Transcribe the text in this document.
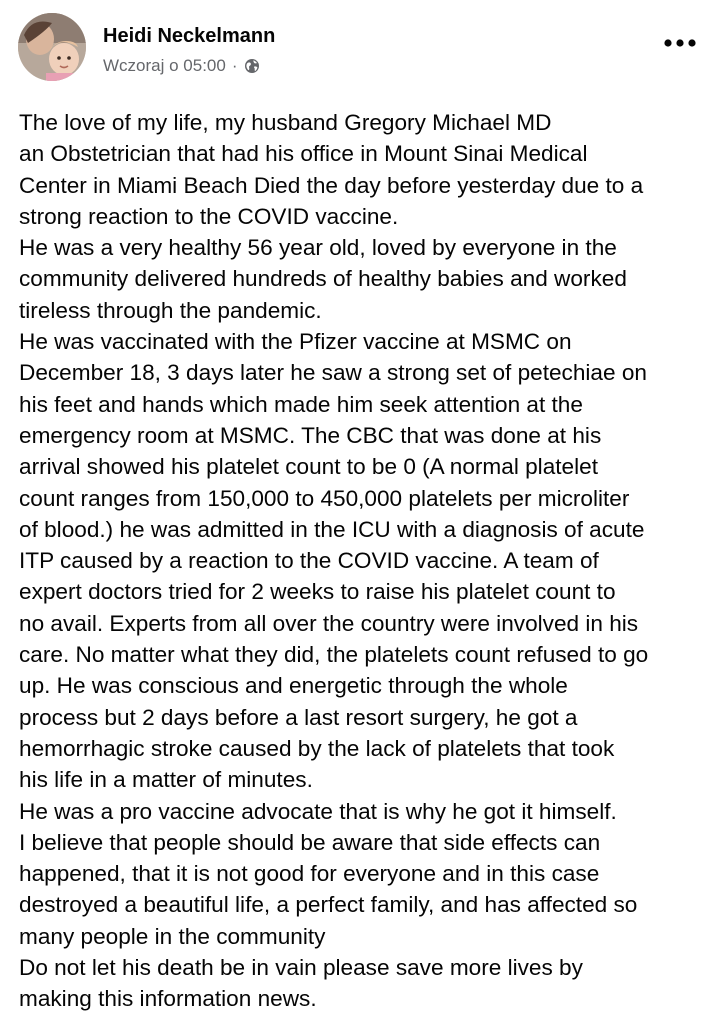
Heidi Neckelmann
Wczoraj o 05:00 ·

The love of my life, my husband Gregory Michael MD

an Obstetrician that had his office in Mount Sinai Medical

Center in Miami Beach Died the day before yesterday due to a

strong reaction to the COVID vaccine.

He was a very healthy 56 year old, loved by everyone in the

community delivered hundreds of healthy babies and worked

tireless through the pandemic.

He was vaccinated with the Pfizer vaccine at MSMC on

December 18, 3 days later he saw a strong set of petechiae on

his feet and hands which made him seek attention at the

emergency room at MSMC. The CBC that was done at his

arrival showed his platelet count to be 0 (A normal platelet

count ranges from 150,000 to 450,000 platelets per microliter

of blood.) he was admitted in the ICU with a diagnosis of acute

ITP caused by a reaction to the COVID vaccine. A team of

expert doctors tried for 2 weeks to raise his platelet count to

no avail. Experts from all over the country were involved in his

care. No matter what they did, the platelets count refused to go

up. He was conscious and energetic through the whole

process but 2 days before a last resort surgery, he got a

hemorrhagic stroke caused by the lack of platelets that took

his life in a matter of minutes.

He was a pro vaccine advocate that is why he got it himself.

I believe that people should be aware that side effects can

happened, that it is not good for everyone and in this case

destroyed a beautiful life, a perfect family, and has affected so

many people in the community

Do not let his death be in vain please save more lives by

making this information news.
